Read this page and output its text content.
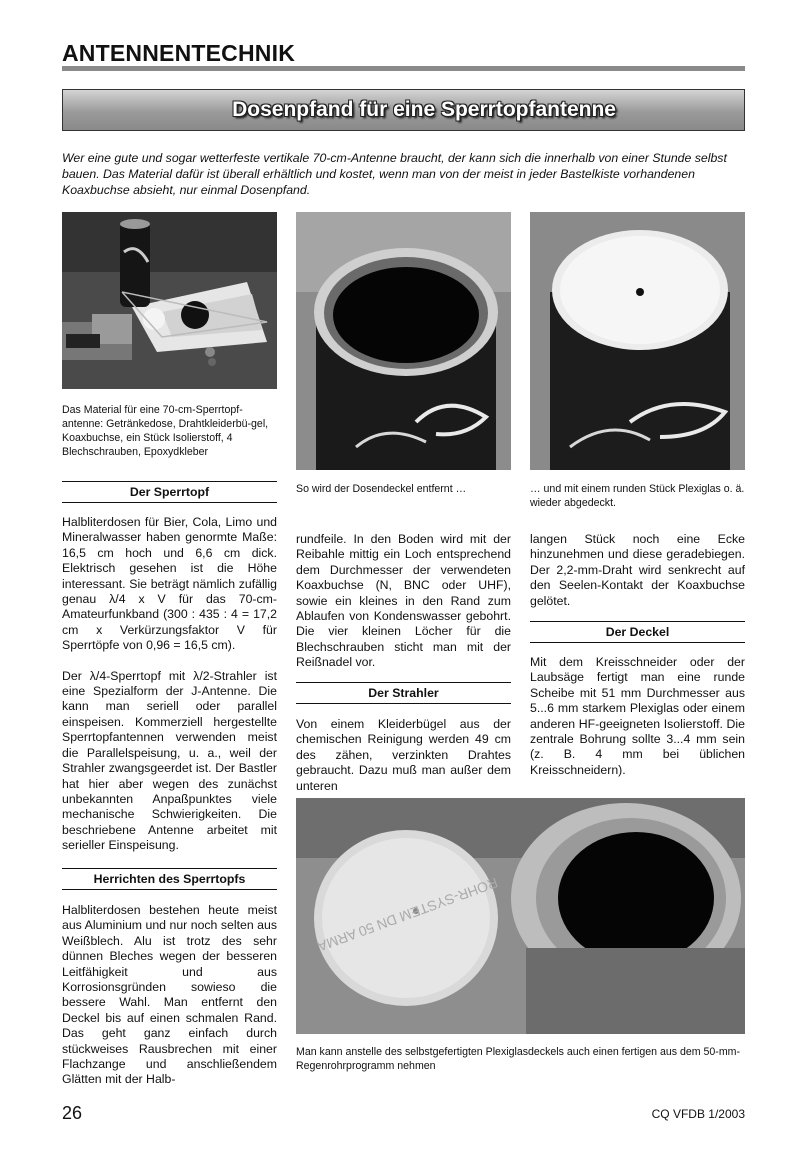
ANTENNENTECHNIK
Dosenpfand für eine Sperrtopfantenne
Wer eine gute und sogar wetterfeste vertikale 70-cm-Antenne braucht, der kann sich die innerhalb von einer Stunde selbst bauen. Das Material dafür ist überall erhältlich und kostet, wenn man von der meist in jeder Bastelkiste vorhandenen Koaxbuchse absieht, nur einmal Dosenpfand.
Das Material für eine 70-cm-Sperrtopf-antenne: Getränkedose, Drahtkleiderbü-gel, Koaxbuchse, ein Stück Isolierstoff, 4 Blechschrauben, Epoxydkleber
So wird der Dosendeckel entfernt …	… und mit einem runden Stück Plexiglas o. ä. wieder abgedeckt.
Der Sperrtopf

Halbliterdosen für Bier, Cola, Limo und Mineralwasser haben genormte Maße: 16,5 cm hoch und 6,6 cm dick. Elektrisch gesehen ist die Höhe interessant. Sie beträgt nämlich zufällig genau λ/4 x V für das 70-cm-Amateurfunkband (300 : 435 : 4 = 17,2 cm x Verkürzungsfaktor V für Sperrtöpfe von 0,96 = 16,5 cm).

Der λ/4-Sperrtopf mit λ/2-Strahler ist eine Spezialform der J-Antenne. Die kann man seriell oder parallel einspeisen. Kommerziell hergestellte Sperrtopfantennen verwenden meist die Parallelspeisung, u. a., weil der Strahler zwangsgeerdet ist. Der Bastler hat hier aber wegen des zunächst unbekannten Anpaßpunktes viele mechanische Schwierigkeiten. Die beschriebene Antenne arbeitet mit serieller Einspeisung.

Herrichten des Sperrtopfs

Halbliterdosen bestehen heute meist aus Aluminium und nur noch selten aus Weißblech. Alu ist trotz des sehr dünnen Bleches wegen der besseren Leitfähigkeit und aus Korrosionsgründen sowieso die bessere Wahl. Man entfernt den Deckel bis auf einen schmalen Rand. Das geht ganz einfach durch stückweises Rausbrechen mit einer Flachzange und anschließendem Glätten mit der Halb-

rundfeile. In den Boden wird mit der Reibahle mittig ein Loch entsprechend dem Durchmesser der verwendeten Koaxbuchse (N, BNC oder UHF), sowie ein kleines in den Rand zum Ablaufen von Kondenswasser gebohrt. Die vier kleinen Löcher für die Blechschrauben sticht man mit der Reißnadel vor.

Der Strahler

Von einem Kleiderbügel aus der chemischen Reinigung werden 49 cm des zähen, verzinkten Drahtes gebraucht. Dazu muß man außer dem unteren

langen Stück noch eine Ecke hinzunehmen und diese geradebiegen. Der 2,2-mm-Draht wird senkrecht auf den Seelen-Kontakt der Koaxbuchse gelötet.

Der Deckel

Mit dem Kreisschneider oder der Laubsäge fertigt man eine runde Scheibe mit 51 mm Durchmesser aus 5...6 mm starkem Plexiglas oder einem anderen HF-geeigneten Isolierstoff. Die zentrale Bohrung sollte 3...4 mm sein (z. B. 4 mm bei üblichen Kreisschneidern).

ROHR-SYSTEM DN 50 ARMA
Man kann anstelle des selbstgefertigten Plexiglasdeckels auch einen fertigen aus dem 50-mm-Regenrohrprogramm nehmen
26	CQ VFDB 1/2003
